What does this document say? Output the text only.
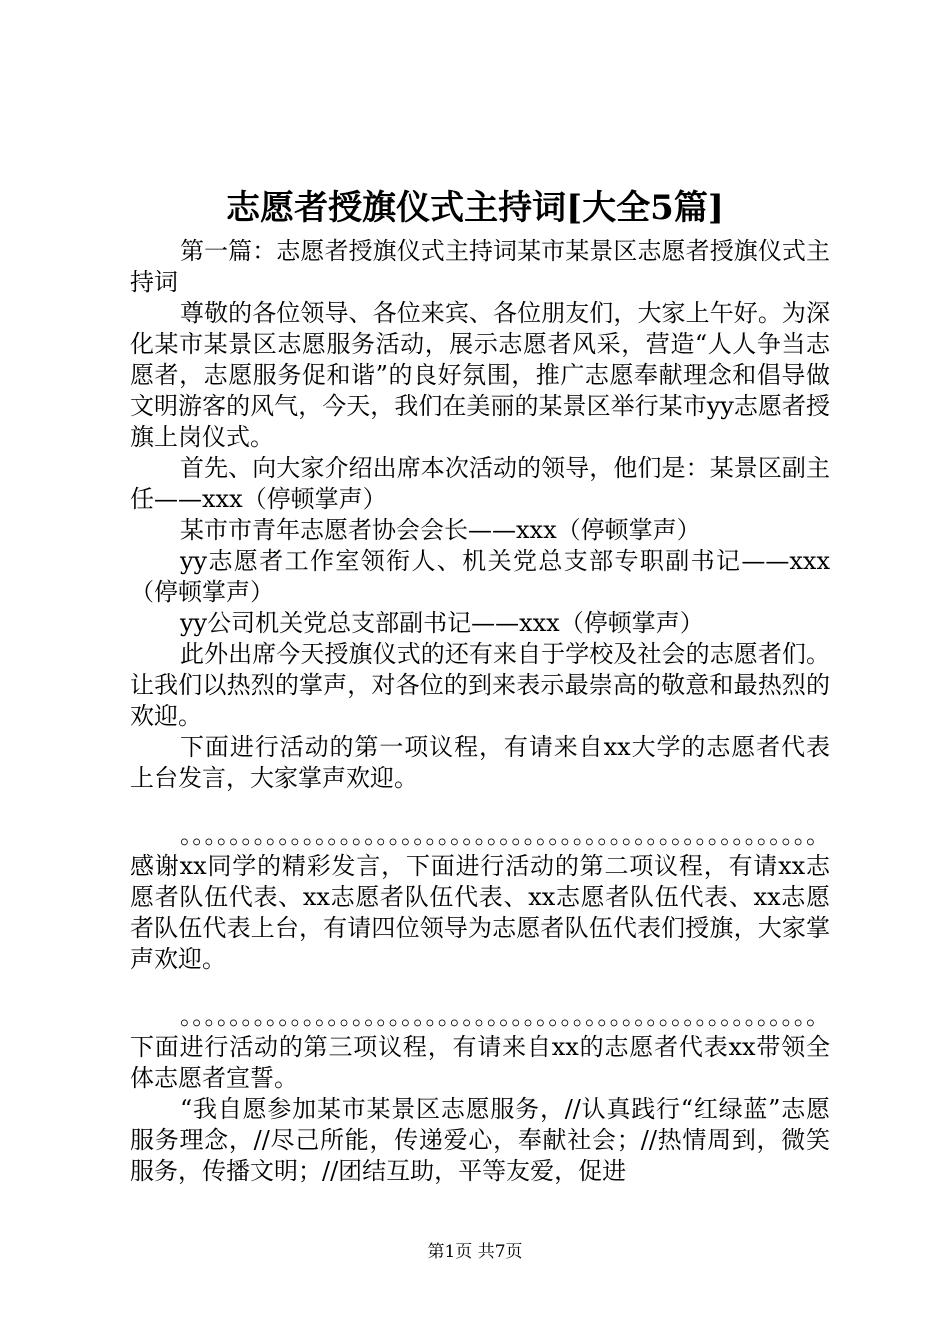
志愿者授旗仪式主持词[大全5篇]

第一篇：志愿者授旗仪式主持词某市某景区志愿者授旗仪式主持词

尊敬的各位领导、各位来宾、各位朋友们，大家上午好。为深化某市某景区志愿服务活动，展示志愿者风采，营造“人人争当志愿者，志愿服务促和谐”的良好氛围，推广志愿奉献理念和倡导做文明游客的风气，今天，我们在美丽的某景区举行某市yy志愿者授旗上岗仪式。

首先、向大家介绍出席本次活动的领导，他们是：某景区副主任——xxx（停顿掌声）

某市市青年志愿者协会会长——xxx（停顿掌声）

yy志愿者工作室领衔人、机关党总支部专职副书记——xxx（停顿掌声）

yy公司机关党总支部副书记——xxx（停顿掌声）

此外出席今天授旗仪式的还有来自于学校及社会的志愿者们。让我们以热烈的掌声，对各位的到来表示最崇高的敬意和最热烈的欢迎。

下面进行活动的第一项议程，有请来自xx大学的志愿者代表上台发言，大家掌声欢迎。

。。。。。。。。。。。。。。。。。。。。。。。。。。。。。。。。。。。。。。。。。。。。。。。。。。。。感谢xx同学的精彩发言，下面进行活动的第二项议程，有请xx志愿者队伍代表、xx志愿者队伍代表、xx志愿者队伍代表、xx志愿者队伍代表上台，有请四位领导为志愿者队伍代表们授旗，大家掌声欢迎。

。。。。。。。。。。。。。。。。。。。。。。。。。。。。。。。。。。。。。。。。。。。。。。。。。。。。下面进行活动的第三项议程，有请来自xx的志愿者代表xx带领全体志愿者宣誓。

“我自愿参加某市某景区志愿服务，//认真践行“红绿蓝”志愿服务理念，//尽己所能，传递爱心，奉献社会；//热情周到，微笑服务，传播文明；//团结互助，平等友爱，促进

第1页 共7页
